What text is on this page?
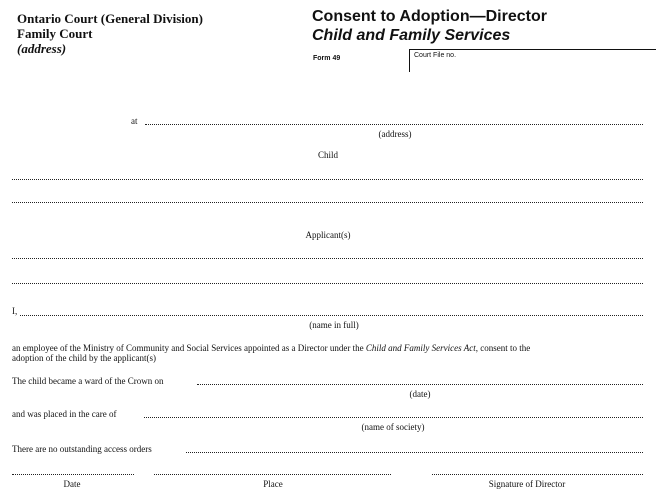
Ontario Court (General Division)
Family Court
(address)
Consent to Adoption—Director
Child and Family Services
Form 49	Court File no.
at
(address)
Child
Applicant(s)
I,
(name in full)
an employee of the Ministry of Community and Social Services appointed as a Director under the Child and Family Services Act, consent to the
adoption of the child by the applicant(s)
The child became a ward of the Crown on
(date)
and was placed in the care of
(name of society)
There are no outstanding access orders
Date	Place	Signature of Director
